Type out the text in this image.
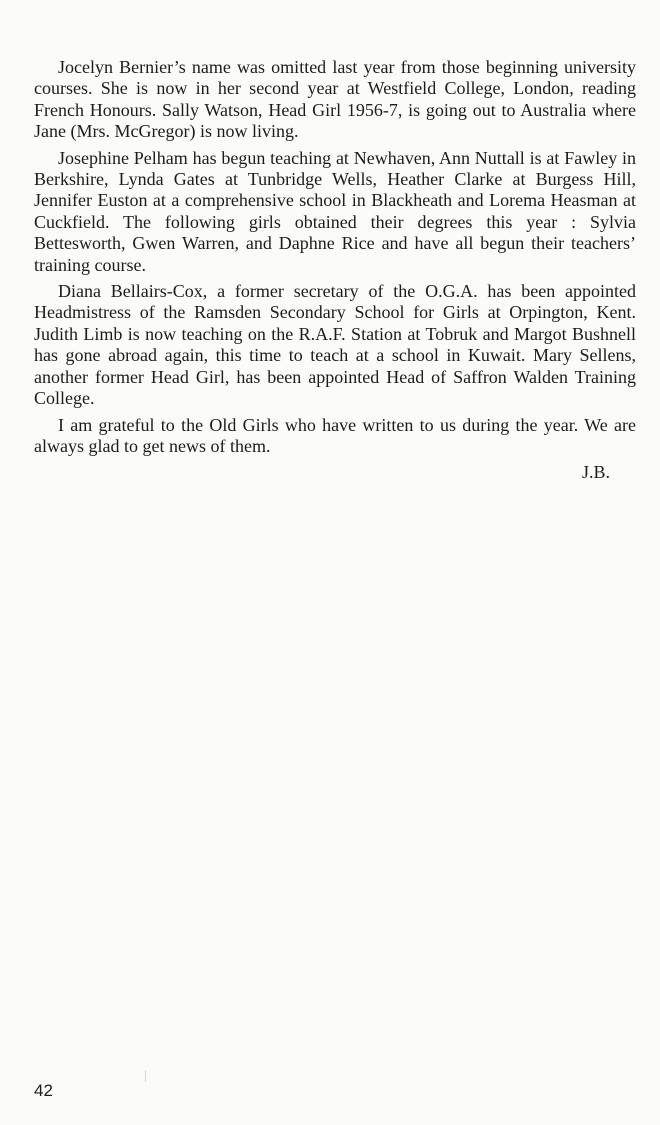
Jocelyn Bernier’s name was omitted last year from those beginning university courses. She is now in her second year at Westfield College, London, reading French Honours. Sally Watson, Head Girl 1956-7, is going out to Australia where Jane (Mrs. McGregor) is now living.

Josephine Pelham has begun teaching at Newhaven, Ann Nuttall is at Fawley in Berkshire, Lynda Gates at Tunbridge Wells, Heather Clarke at Burgess Hill, Jennifer Euston at a comprehensive school in Blackheath and Lorema Heasman at Cuckfield. The following girls obtained their degrees this year : Sylvia Bettesworth, Gwen Warren, and Daphne Rice and have all begun their teachers’ training course.

Diana Bellairs-Cox, a former secretary of the O.G.A. has been appointed Headmistress of the Ramsden Secondary School for Girls at Orpington, Kent. Judith Limb is now teaching on the R.A.F. Station at Tobruk and Margot Bushnell has gone abroad again, this time to teach at a school in Kuwait. Mary Sellens, another former Head Girl, has been appointed Head of Saffron Walden Training College.

I am grateful to the Old Girls who have written to us during the year. We are always glad to get news of them.

J.B.
42
